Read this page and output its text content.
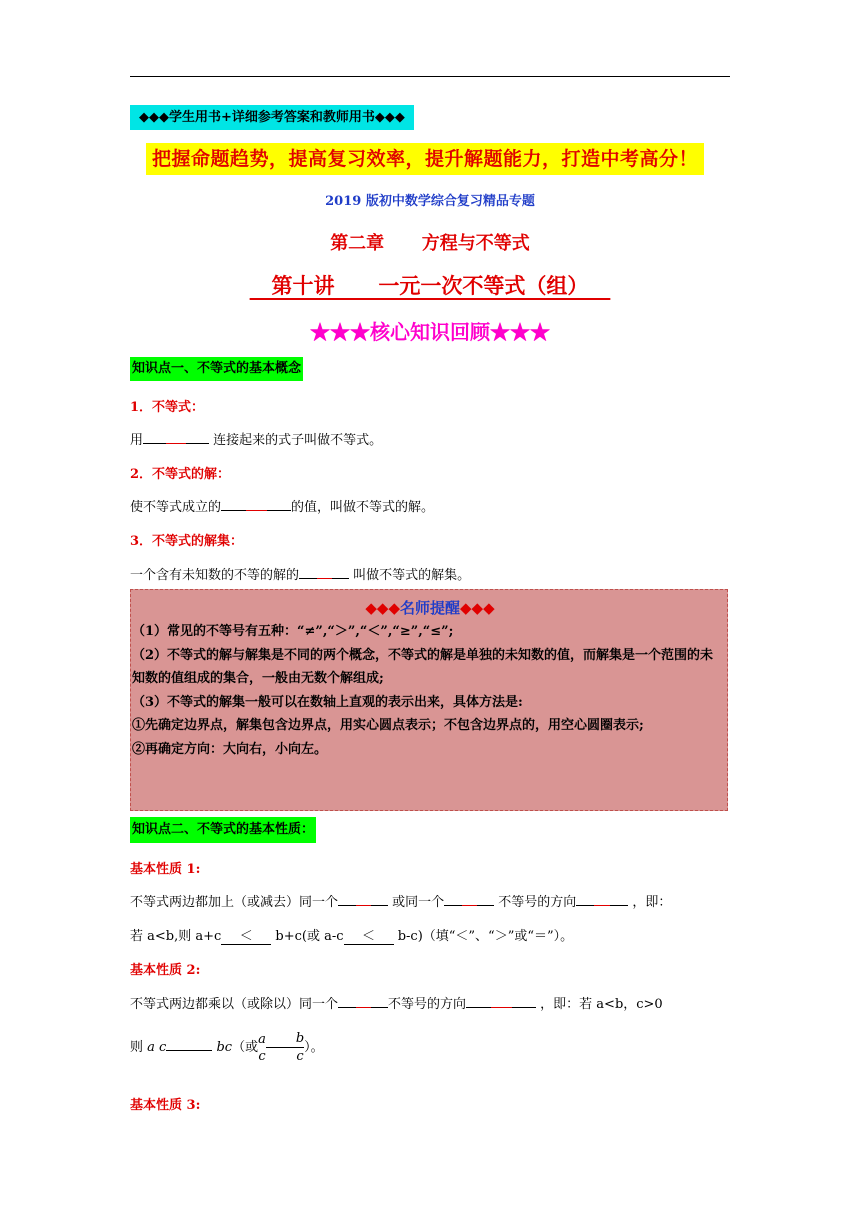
◆◆◆学生用书+详细参考答案和教师用书◆◆◆
把握命题趋势，提高复习效率，提升解题能力，打造中考高分！
2019 版初中数学综合复习精品专题
第二章      方程与不等式
第十讲      一元一次不等式（组）
★★★核心知识回顾★★★
知识点一、不等式的基本概念
1．不等式：
用	连接起来的式子叫做不等式。
2．不等式的解：
使不等式成立的	的值，叫做不等式的解。
3．不等式的解集：
一个含有未知数的不等的解的	叫做不等式的解集。
◆◆◆名师提醒◆◆◆

（1）常见的不等号有五种：“≠”,“＞”,“＜”,“≥”,“≤”;

（2）不等式的解与解集是不同的两个概念，不等式的解是单独的未知数的值，而解集是一个范围的未知数的值组成的集合，一般由无数个解组成;

（3）不等式的解集一般可以在数轴上直观的表示出来，具体方法是:

①先确定边界点，解集包含边界点，用实心圆点表示；不包含边界点的，用空心圆圈表示;

②再确定方向：大向右，小向左。

知识点二、不等式的基本性质：
基本性质 1:
不等式两边都加上（或减去）同一个	或同一个	不等号的方向	，即：
若 a<b,则 a+c ＜ b+c(或 a-c ＜ b-c)（填“＜”、“＞”或“＝”）。
基本性质 2:
不等式两边都乘以（或除以）同一个	不等号的方向	，即：若 a<b，c>0
则 a c	bc（或
a
c $\frac{b}{c}$ ）。
基本性质 3:
